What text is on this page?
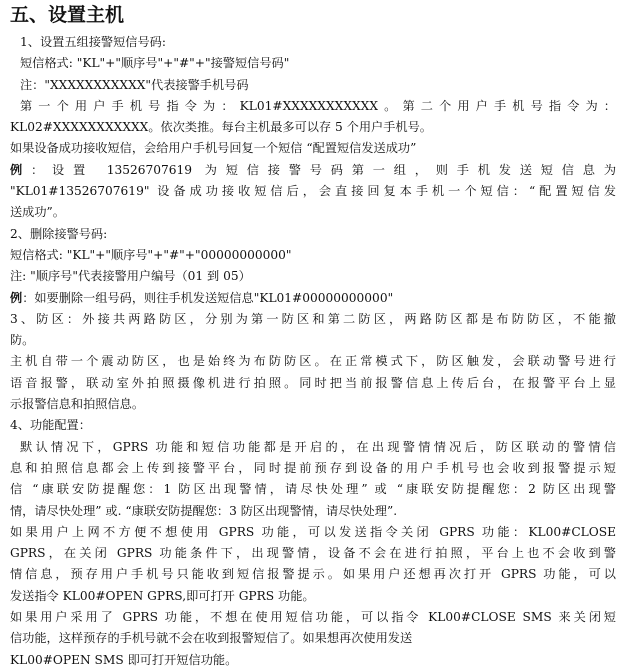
五、设置主机
1、设置五组接警短信号码:
短信格式: "KL"+"顺序号"+"#"+"接警短信号码"
注："XXXXXXXXXXX"代表接警手机号码
第一个用户手机号指令为：KL01#XXXXXXXXXXX。第二个用户手机号指令为：
KL02#XXXXXXXXXXX。依次类推。每台主机最多可以存 5 个用户手机号。
如果设备成功接收短信，会给用户手机号回复一个短信 “配置短信发送成功”
例：设置 13526707619 为短信接警号码第一组，则手机发送短信息为
"KL01#13526707619" 设备成功接收短信后，会直接回复本手机一个短信：“配置短信发
送成功”。
2、删除接警号码:
短信格式: "KL"+"顺序号"+"#"+"00000000000"
注: "顺序号"代表接警用户编号（01 到 05）
例：如要删除一组号码，则往手机发送短信息"KL01#00000000000"
3、防区：外接共两路防区，分别为第一防区和第二防区，两路防区都是布防防区，不能撤
防。
主机自带一个震动防区，也是始终为布防防区。在正常模式下，防区触发，会联动警号进行
语音报警，联动室外拍照摄像机进行拍照。同时把当前报警信息上传后台，在报警平台上显
示报警信息和拍照信息。
4、功能配置：
默认情况下，GPRS 功能和短信功能都是开启的，在出现警情情况后，防区联动的警情信
息和拍照信息都会上传到接警平台，同时提前预存到设备的用户手机号也会收到报警提示短
信 “康联安防提醒您：1 防区出现警情，请尽快处理” 或 “康联安防提醒您：2 防区出现警
情，请尽快处理” 或. “康联安防提醒您：3 防区出现警情，请尽快处理”.
如果用户上网不方便不想使用 GPRS 功能，可以发送指令关闭 GPRS 功能：KL00#CLOSE
GPRS，在关闭 GPRS 功能条件下，出现警情，设备不会在进行拍照，平台上也不会收到警
情信息，预存用户手机号只能收到短信报警提示。如果用户还想再次打开 GPRS 功能，可以
发送指令 KL00#OPEN GPRS,即可打开 GPRS 功能。
如果用户采用了 GPRS 功能，不想在使用短信功能，可以指令 KL00#CLOSE SMS 来关闭短
信功能，这样预存的手机号就不会在收到报警短信了。如果想再次使用发送
KL00#OPEN SMS 即可打开短信功能。
